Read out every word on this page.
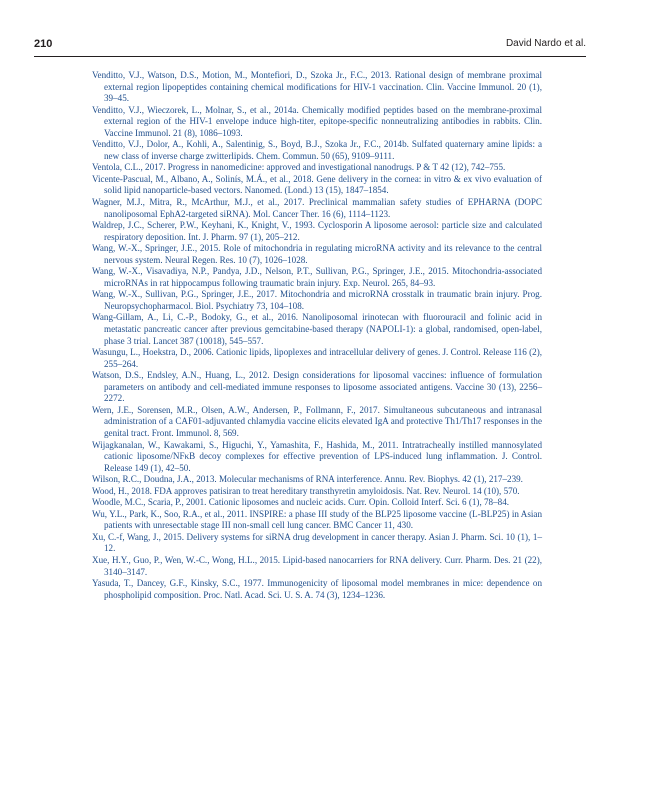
210	David Nardo et al.
Venditto, V.J., Watson, D.S., Motion, M., Montefiori, D., Szoka Jr., F.C., 2013. Rational design of membrane proximal external region lipopeptides containing chemical modifications for HIV-1 vaccination. Clin. Vaccine Immunol. 20 (1), 39–45.
Venditto, V.J., Wieczorek, L., Molnar, S., et al., 2014a. Chemically modified peptides based on the membrane-proximal external region of the HIV-1 envelope induce high-titer, epitope-specific nonneutralizing antibodies in rabbits. Clin. Vaccine Immunol. 21 (8), 1086–1093.
Venditto, V.J., Dolor, A., Kohli, A., Salentinig, S., Boyd, B.J., Szoka Jr., F.C., 2014b. Sulfated quaternary amine lipids: a new class of inverse charge zwitterlipids. Chem. Commun. 50 (65), 9109–9111.
Ventola, C.L., 2017. Progress in nanomedicine: approved and investigational nanodrugs. P & T 42 (12), 742–755.
Vicente-Pascual, M., Albano, A., Solinís, M.Á., et al., 2018. Gene delivery in the cornea: in vitro & ex vivo evaluation of solid lipid nanoparticle-based vectors. Nanomed. (Lond.) 13 (15), 1847–1854.
Wagner, M.J., Mitra, R., McArthur, M.J., et al., 2017. Preclinical mammalian safety studies of EPHARNA (DOPC nanoliposomal EphA2-targeted siRNA). Mol. Cancer Ther. 16 (6), 1114–1123.
Waldrep, J.C., Scherer, P.W., Keyhani, K., Knight, V., 1993. Cyclosporin A liposome aerosol: particle size and calculated respiratory deposition. Int. J. Pharm. 97 (1), 205–212.
Wang, W.-X., Springer, J.E., 2015. Role of mitochondria in regulating microRNA activity and its relevance to the central nervous system. Neural Regen. Res. 10 (7), 1026–1028.
Wang, W.-X., Visavadiya, N.P., Pandya, J.D., Nelson, P.T., Sullivan, P.G., Springer, J.E., 2015. Mitochondria-associated microRNAs in rat hippocampus following traumatic brain injury. Exp. Neurol. 265, 84–93.
Wang, W.-X., Sullivan, P.G., Springer, J.E., 2017. Mitochondria and microRNA crosstalk in traumatic brain injury. Prog. Neuropsychopharmacol. Biol. Psychiatry 73, 104–108.
Wang-Gillam, A., Li, C.-P., Bodoky, G., et al., 2016. Nanoliposomal irinotecan with fluorouracil and folinic acid in metastatic pancreatic cancer after previous gemcitabine-based therapy (NAPOLI-1): a global, randomised, open-label, phase 3 trial. Lancet 387 (10018), 545–557.
Wasungu, L., Hoekstra, D., 2006. Cationic lipids, lipoplexes and intracellular delivery of genes. J. Control. Release 116 (2), 255–264.
Watson, D.S., Endsley, A.N., Huang, L., 2012. Design considerations for liposomal vaccines: influence of formulation parameters on antibody and cell-mediated immune responses to liposome associated antigens. Vaccine 30 (13), 2256–2272.
Wern, J.E., Sorensen, M.R., Olsen, A.W., Andersen, P., Follmann, F., 2017. Simultaneous subcutaneous and intranasal administration of a CAF01-adjuvanted chlamydia vaccine elicits elevated IgA and protective Th1/Th17 responses in the genital tract. Front. Immunol. 8, 569.
Wijagkanalan, W., Kawakami, S., Higuchi, Y., Yamashita, F., Hashida, M., 2011. Intratracheally instilled mannosylated cationic liposome/NFκB decoy complexes for effective prevention of LPS-induced lung inflammation. J. Control. Release 149 (1), 42–50.
Wilson, R.C., Doudna, J.A., 2013. Molecular mechanisms of RNA interference. Annu. Rev. Biophys. 42 (1), 217–239.
Wood, H., 2018. FDA approves patisiran to treat hereditary transthyretin amyloidosis. Nat. Rev. Neurol. 14 (10), 570.
Woodle, M.C., Scaria, P., 2001. Cationic liposomes and nucleic acids. Curr. Opin. Colloid Interf. Sci. 6 (1), 78–84.
Wu, Y.L., Park, K., Soo, R.A., et al., 2011. INSPIRE: a phase III study of the BLP25 liposome vaccine (L-BLP25) in Asian patients with unresectable stage III non-small cell lung cancer. BMC Cancer 11, 430.
Xu, C.-f, Wang, J., 2015. Delivery systems for siRNA drug development in cancer therapy. Asian J. Pharm. Sci. 10 (1), 1–12.
Xue, H.Y., Guo, P., Wen, W.-C., Wong, H.L., 2015. Lipid-based nanocarriers for RNA delivery. Curr. Pharm. Des. 21 (22), 3140–3147.
Yasuda, T., Dancey, G.F., Kinsky, S.C., 1977. Immunogenicity of liposomal model membranes in mice: dependence on phospholipid composition. Proc. Natl. Acad. Sci. U. S. A. 74 (3), 1234–1236.
